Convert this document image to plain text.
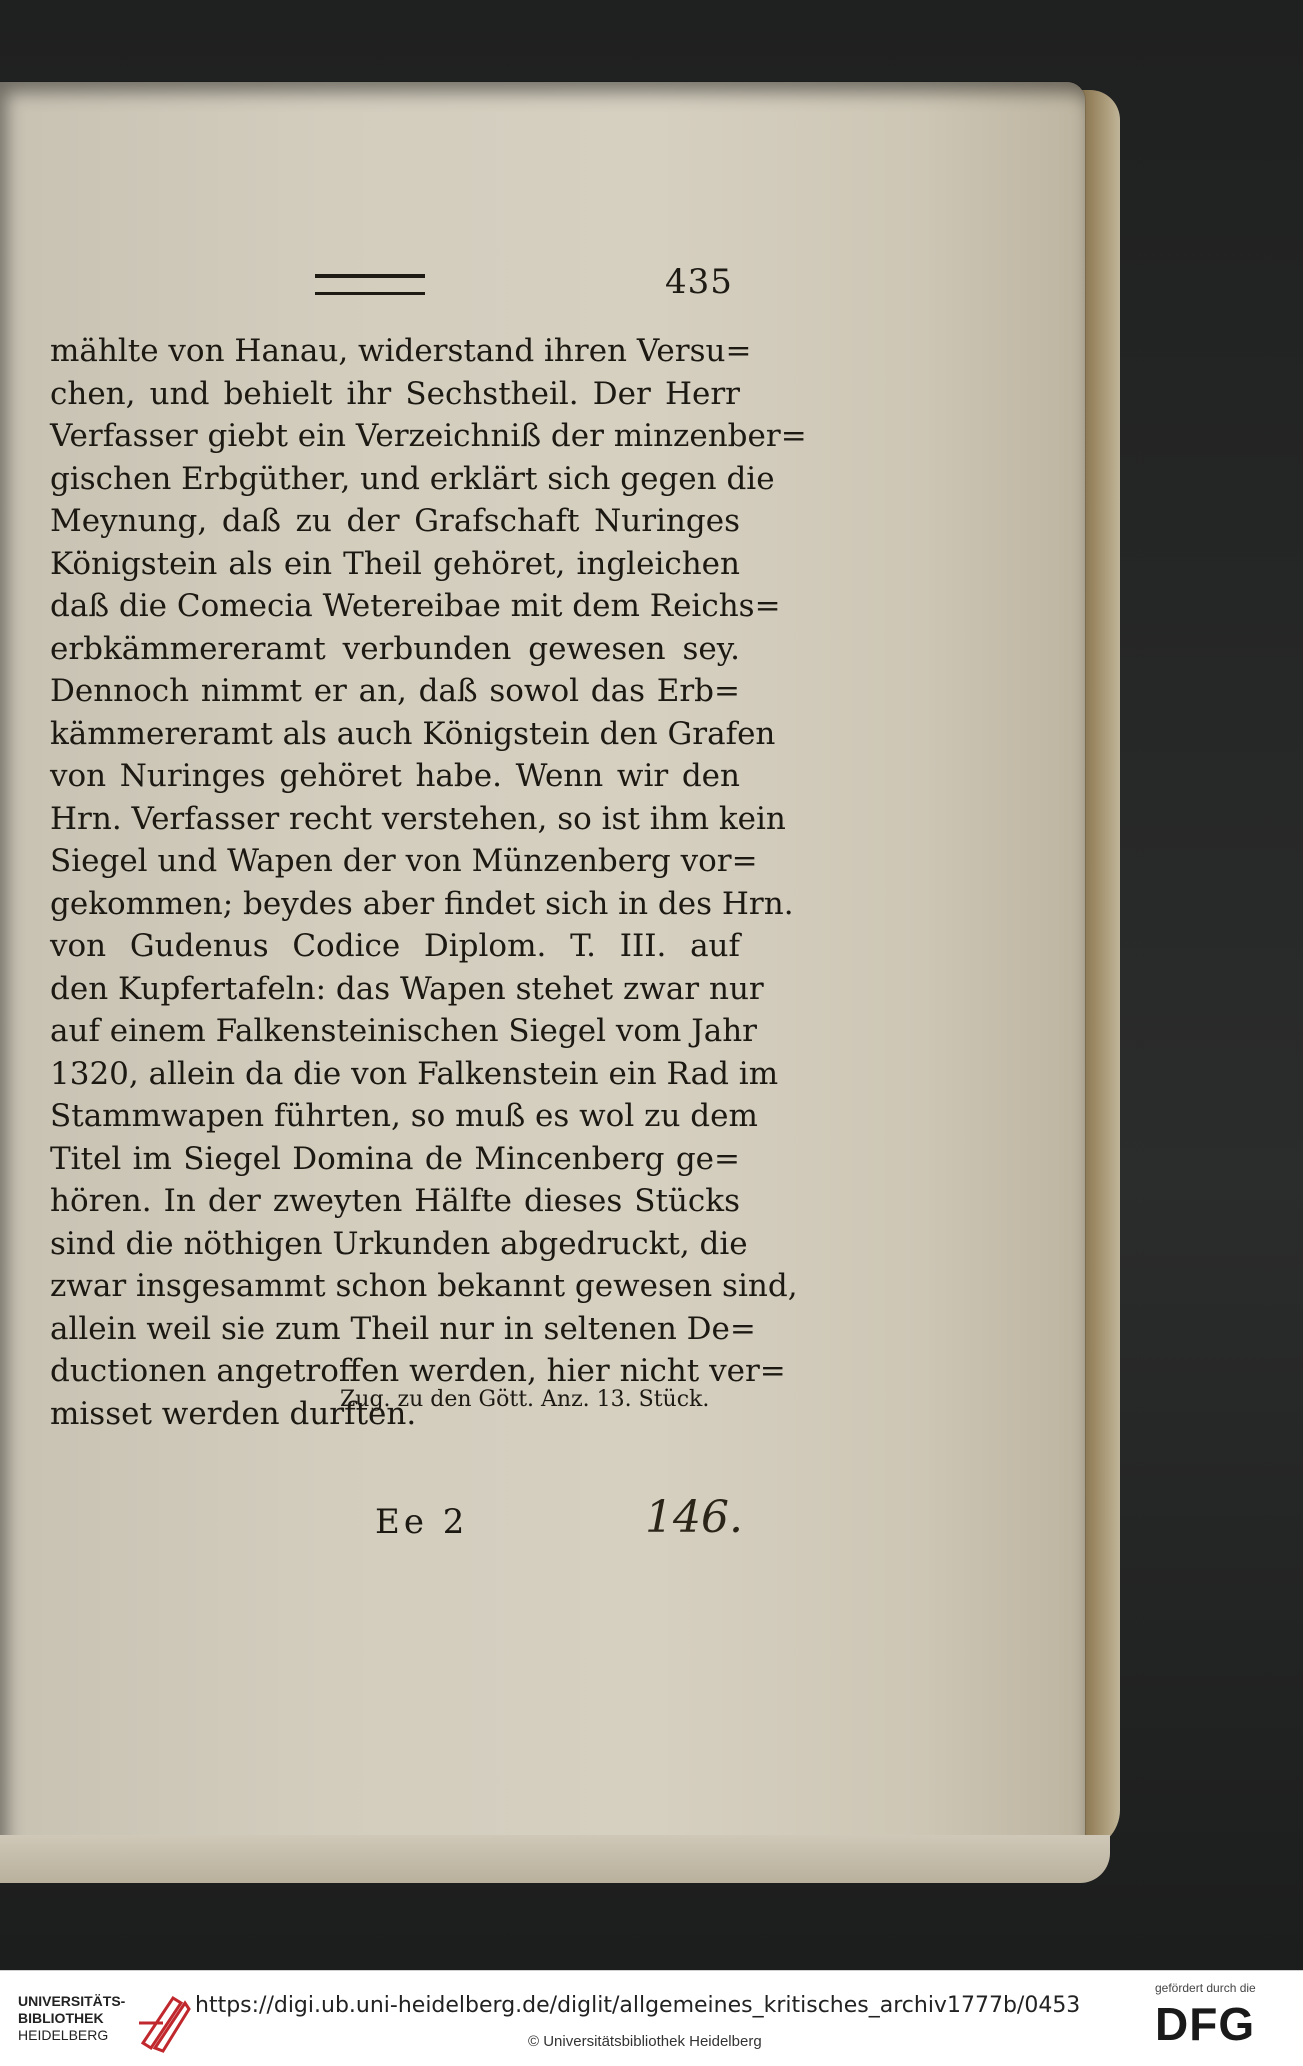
435
mählte von Hanau, widerstand ihren Versu=
chen, und behielt ihr Sechstheil. Der Herr
Verfasser giebt ein Verzeichniß der minzenber=
gischen Erbgüther, und erklärt sich gegen die
Meynung, daß zu der Grafschaft Nuringes
Königstein als ein Theil gehöret, ingleichen
daß die Comecia Wetereibae mit dem Reichs=
erbkämmereramt verbunden gewesen sey.
Dennoch nimmt er an, daß sowol das Erb=
kämmereramt als auch Königstein den Grafen
von Nuringes gehöret habe. Wenn wir den
Hrn. Verfasser recht verstehen, so ist ihm kein
Siegel und Wapen der von Münzenberg vor=
gekommen; beydes aber findet sich in des Hrn.
von Gudenus Codice Diplom. T. III. auf
den Kupfertafeln: das Wapen stehet zwar nur
auf einem Falkensteinischen Siegel vom Jahr
1320, allein da die von Falkenstein ein Rad im
Stammwapen führten, so muß es wol zu dem
Titel im Siegel Domina de Mincenberg ge=
hören. In der zweyten Hälfte dieses Stücks
sind die nöthigen Urkunden abgedruckt, die
zwar insgesammt schon bekannt gewesen sind,
allein weil sie zum Theil nur in seltenen De=
ductionen angetroffen werden, hier nicht ver=
misset werden durften.
Zug. zu den Gött. Anz. 13. Stück.
Ee 2	146.
UNIVERSITÄTS-
BIBLIOTHEK
HEIDELBERG
https://digi.ub.uni-heidelberg.de/diglit/allgemeines_kritisches_archiv1777b/0453
© Universitätsbibliothek Heidelberg
gefördert durch die
DFG
